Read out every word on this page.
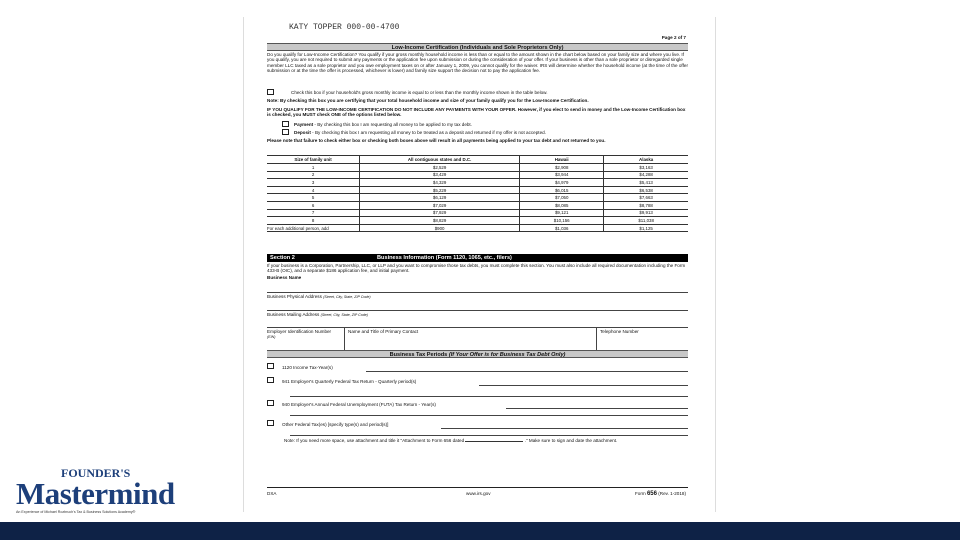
KATY TOPPER 000-00-4700
Page 2 of 7
Low-Income Certification (Individuals and Sole Proprietors Only)
Do you qualify for Low-Income Certification? You qualify if your gross monthly household income is less than or equal to the amount shown in the chart below based on your family size and where you live. If you qualify, you are not required to submit any payments or the application fee upon submission or during the consideration of your offer. If your business is other than a sole proprietor or disregarded single member LLC taxed as a sole proprietor and you owe employment taxes on or after January 1, 2009, you cannot qualify for the waiver. IRS will determine whether the household income (at the time of the offer submission or at the time the offer is processed, whichever is lower) and family size support the decision not to pay the application fee.
Check this box if your household's gross monthly income is equal to or less than the monthly income shown in the table below.
Note: By checking this box you are certifying that your total household income and size of your family qualify you for the Low-Income Certification.
IF YOU QUALIFY FOR THE LOW-INCOME CERTIFICATION DO NOT INCLUDE ANY PAYMENTS WITH YOUR OFFER. However, if you elect to send in money and the Low-Income Certification box is checked, you MUST check ONE of the options listed below.
Payment - By checking this box I am requesting all money to be applied to my tax debt.
Deposit - By checking this box I am requesting all money to be treated as a deposit and returned if my offer is not accepted.
Please note that failure to check either box or checking both boxes above will result in all payments being applied to your tax debt and not returned to you.
Size of family unit	All contiguous states and D.C.	Hawaii	Alaska
1	$2,529	$2,908	$3,163
2	$3,429	$3,944	$4,288
3	$4,329	$4,979	$5,413
4	$5,229	$6,015	$6,538
5	$6,129	$7,050	$7,663
6	$7,029	$8,085	$8,788
7	$7,929	$9,121	$9,913
8	$8,829	$10,156	$11,038
For each additional person, add	$900	$1,036	$1,125
Section 2	Business Information (Form 1120, 1065, etc., filers)
If your business is a Corporation, Partnership, LLC, or LLP and you want to compromise those tax debts, you must complete this section. You must also include all required documentation including the Form 433-B (OIC), and a separate $186 application fee, and initial payment.
Business Name
Business Physical Address (Street, City, State, ZIP Code)
Business Mailing Address (Street, City, State, ZIP Code)
Employer Identification Number
(EIN)
Name and Title of Primary Contact	Telephone Number
Business Tax Periods (If Your Offer is for Business Tax Debt Only)
1120 Income Tax-Year(s)
941 Employer's Quarterly Federal Tax Return - Quarterly period(s)
940 Employer's Annual Federal Unemployment (FUTA) Tax Return - Year(s)
Other Federal Tax(es) [specify type(s) and period(s)]
Note: If you need more space, use attachment and title it "Attachment to Form 656 dated	." Make sure to sign and date the attachment.
DXA	www.irs.gov	Form 656 (Rev. 1-2018)
FOUNDER'S
Mastermind
An Experience of Michael Rozbruch's Tax & Business Solutions Academy®
